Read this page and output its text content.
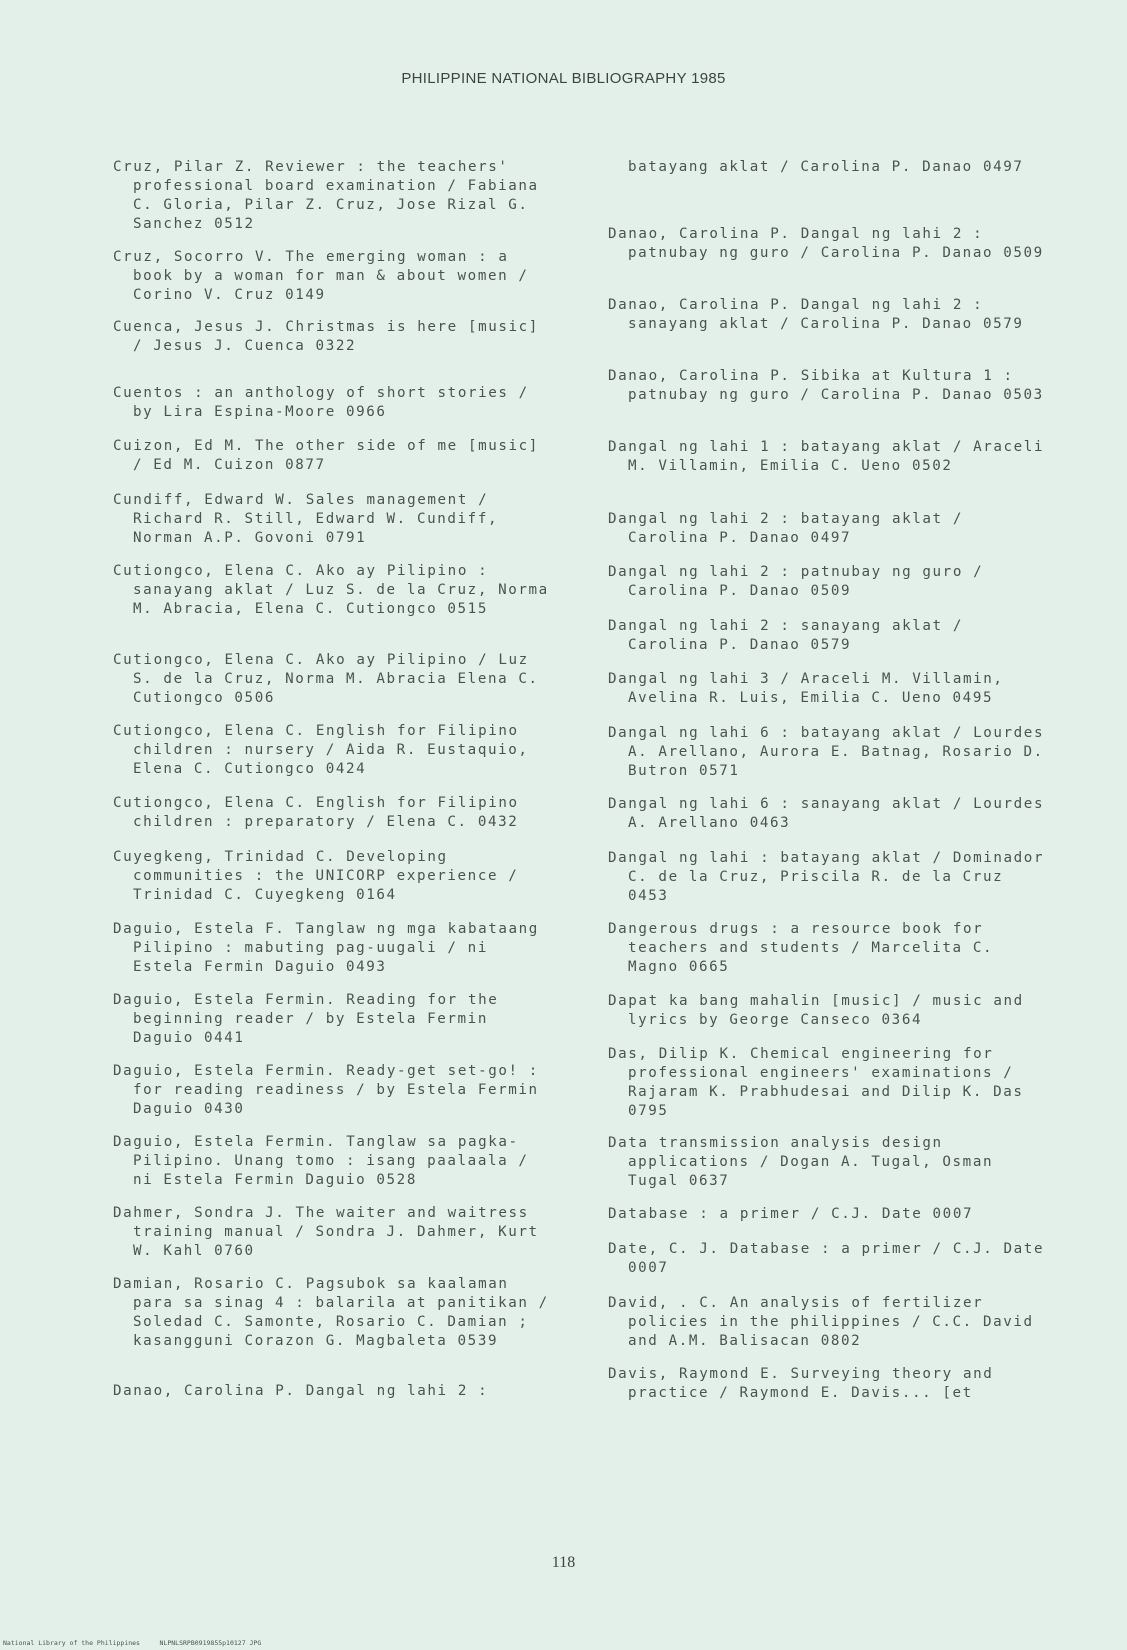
PHILIPPINE NATIONAL BIBLIOGRAPHY 1985
Cruz, Pilar Z. Reviewer : the teachers' professional board examination / Fabiana C. Gloria, Pilar Z. Cruz, Jose Rizal G. Sanchez 0512
Cruz, Socorro V. The emerging woman : a book by a woman for man & about women / Corino V. Cruz 0149
Cuenca, Jesus J. Christmas is here [music] / Jesus J. Cuenca 0322
Cuentos : an anthology of short stories / by Lira Espina-Moore 0966
Cuizon, Ed M. The other side of me [music] / Ed M. Cuizon 0877
Cundiff, Edward W. Sales management / Richard R. Still, Edward W. Cundiff, Norman A.P. Govoni 0791
Cutiongco, Elena C. Ako ay Pilipino : sanayang aklat / Luz S. de la Cruz, Norma M. Abracia, Elena C. Cutiongco 0515
Cutiongco, Elena C. Ako ay Pilipino / Luz S. de la Cruz, Norma M. Abracia Elena C. Cutiongco 0506
Cutiongco, Elena C. English for Filipino children : nursery / Aida R. Eustaquio, Elena C. Cutiongco 0424
Cutiongco, Elena C. English for Filipino children : preparatory / Elena C. 0432
Cuyegkeng, Trinidad C. Developing communities : the UNICORP experience / Trinidad C. Cuyegkeng 0164
Daguio, Estela F. Tanglaw ng mga kabataang Pilipino : mabuting pag-uugali / ni Estela Fermin Daguio 0493
Daguio, Estela Fermin. Reading for the beginning reader / by Estela Fermin Daguio 0441
Daguio, Estela Fermin. Ready-get set-go! : for reading readiness / by Estela Fermin Daguio 0430
Daguio, Estela Fermin. Tanglaw sa pagka-Pilipino. Unang tomo : isang paalaala / ni Estela Fermin Daguio 0528
Dahmer, Sondra J. The waiter and waitress training manual / Sondra J. Dahmer, Kurt W. Kahl 0760
Damian, Rosario C. Pagsubok sa kaalaman para sa sinag 4 : balarila at panitikan / Soledad C. Samonte, Rosario C. Damian ; kasangguni Corazon G. Magbaleta 0539
Danao, Carolina P. Dangal ng lahi 2 :
batayang aklat / Carolina P. Danao 0497
Danao, Carolina P. Dangal ng lahi 2 : patnubay ng guro / Carolina P. Danao 0509
Danao, Carolina P. Dangal ng lahi 2 : sanayang aklat / Carolina P. Danao 0579
Danao, Carolina P. Sibika at Kultura 1 : patnubay ng guro / Carolina P. Danao 0503
Dangal ng lahi 1 : batayang aklat / Araceli M. Villamin, Emilia C. Ueno 0502
Dangal ng lahi 2 : batayang aklat / Carolina P. Danao 0497
Dangal ng lahi 2 : patnubay ng guro / Carolina P. Danao 0509
Dangal ng lahi 2 : sanayang aklat / Carolina P. Danao 0579
Dangal ng lahi 3 / Araceli M. Villamin, Avelina R. Luis, Emilia C. Ueno 0495
Dangal ng lahi 6 : batayang aklat / Lourdes A. Arellano, Aurora E. Batnag, Rosario D. Butron 0571
Dangal ng lahi 6 : sanayang aklat / Lourdes A. Arellano 0463
Dangal ng lahi : batayang aklat / Dominador C. de la Cruz, Priscila R. de la Cruz 0453
Dangerous drugs : a resource book for teachers and students / Marcelita C. Magno 0665
Dapat ka bang mahalin [music] / music and lyrics by George Canseco 0364
Das, Dilip K. Chemical engineering for professional engineers' examinations / Rajaram K. Prabhudesai and Dilip K. Das 0795
Data transmission analysis design applications / Dogan A. Tugal, Osman Tugal 0637
Database : a primer / C.J. Date 0007
Date, C. J. Database : a primer / C.J. Date 0007
David, . C. An analysis of fertilizer policies in the philippines / C.C. David and A.M. Balisacan 0802
Davis, Raymond E. Surveying theory and practice / Raymond E. Davis... [et
118
National Library of the Philippines     NLPNLSRPB0919855p10127 JPG
